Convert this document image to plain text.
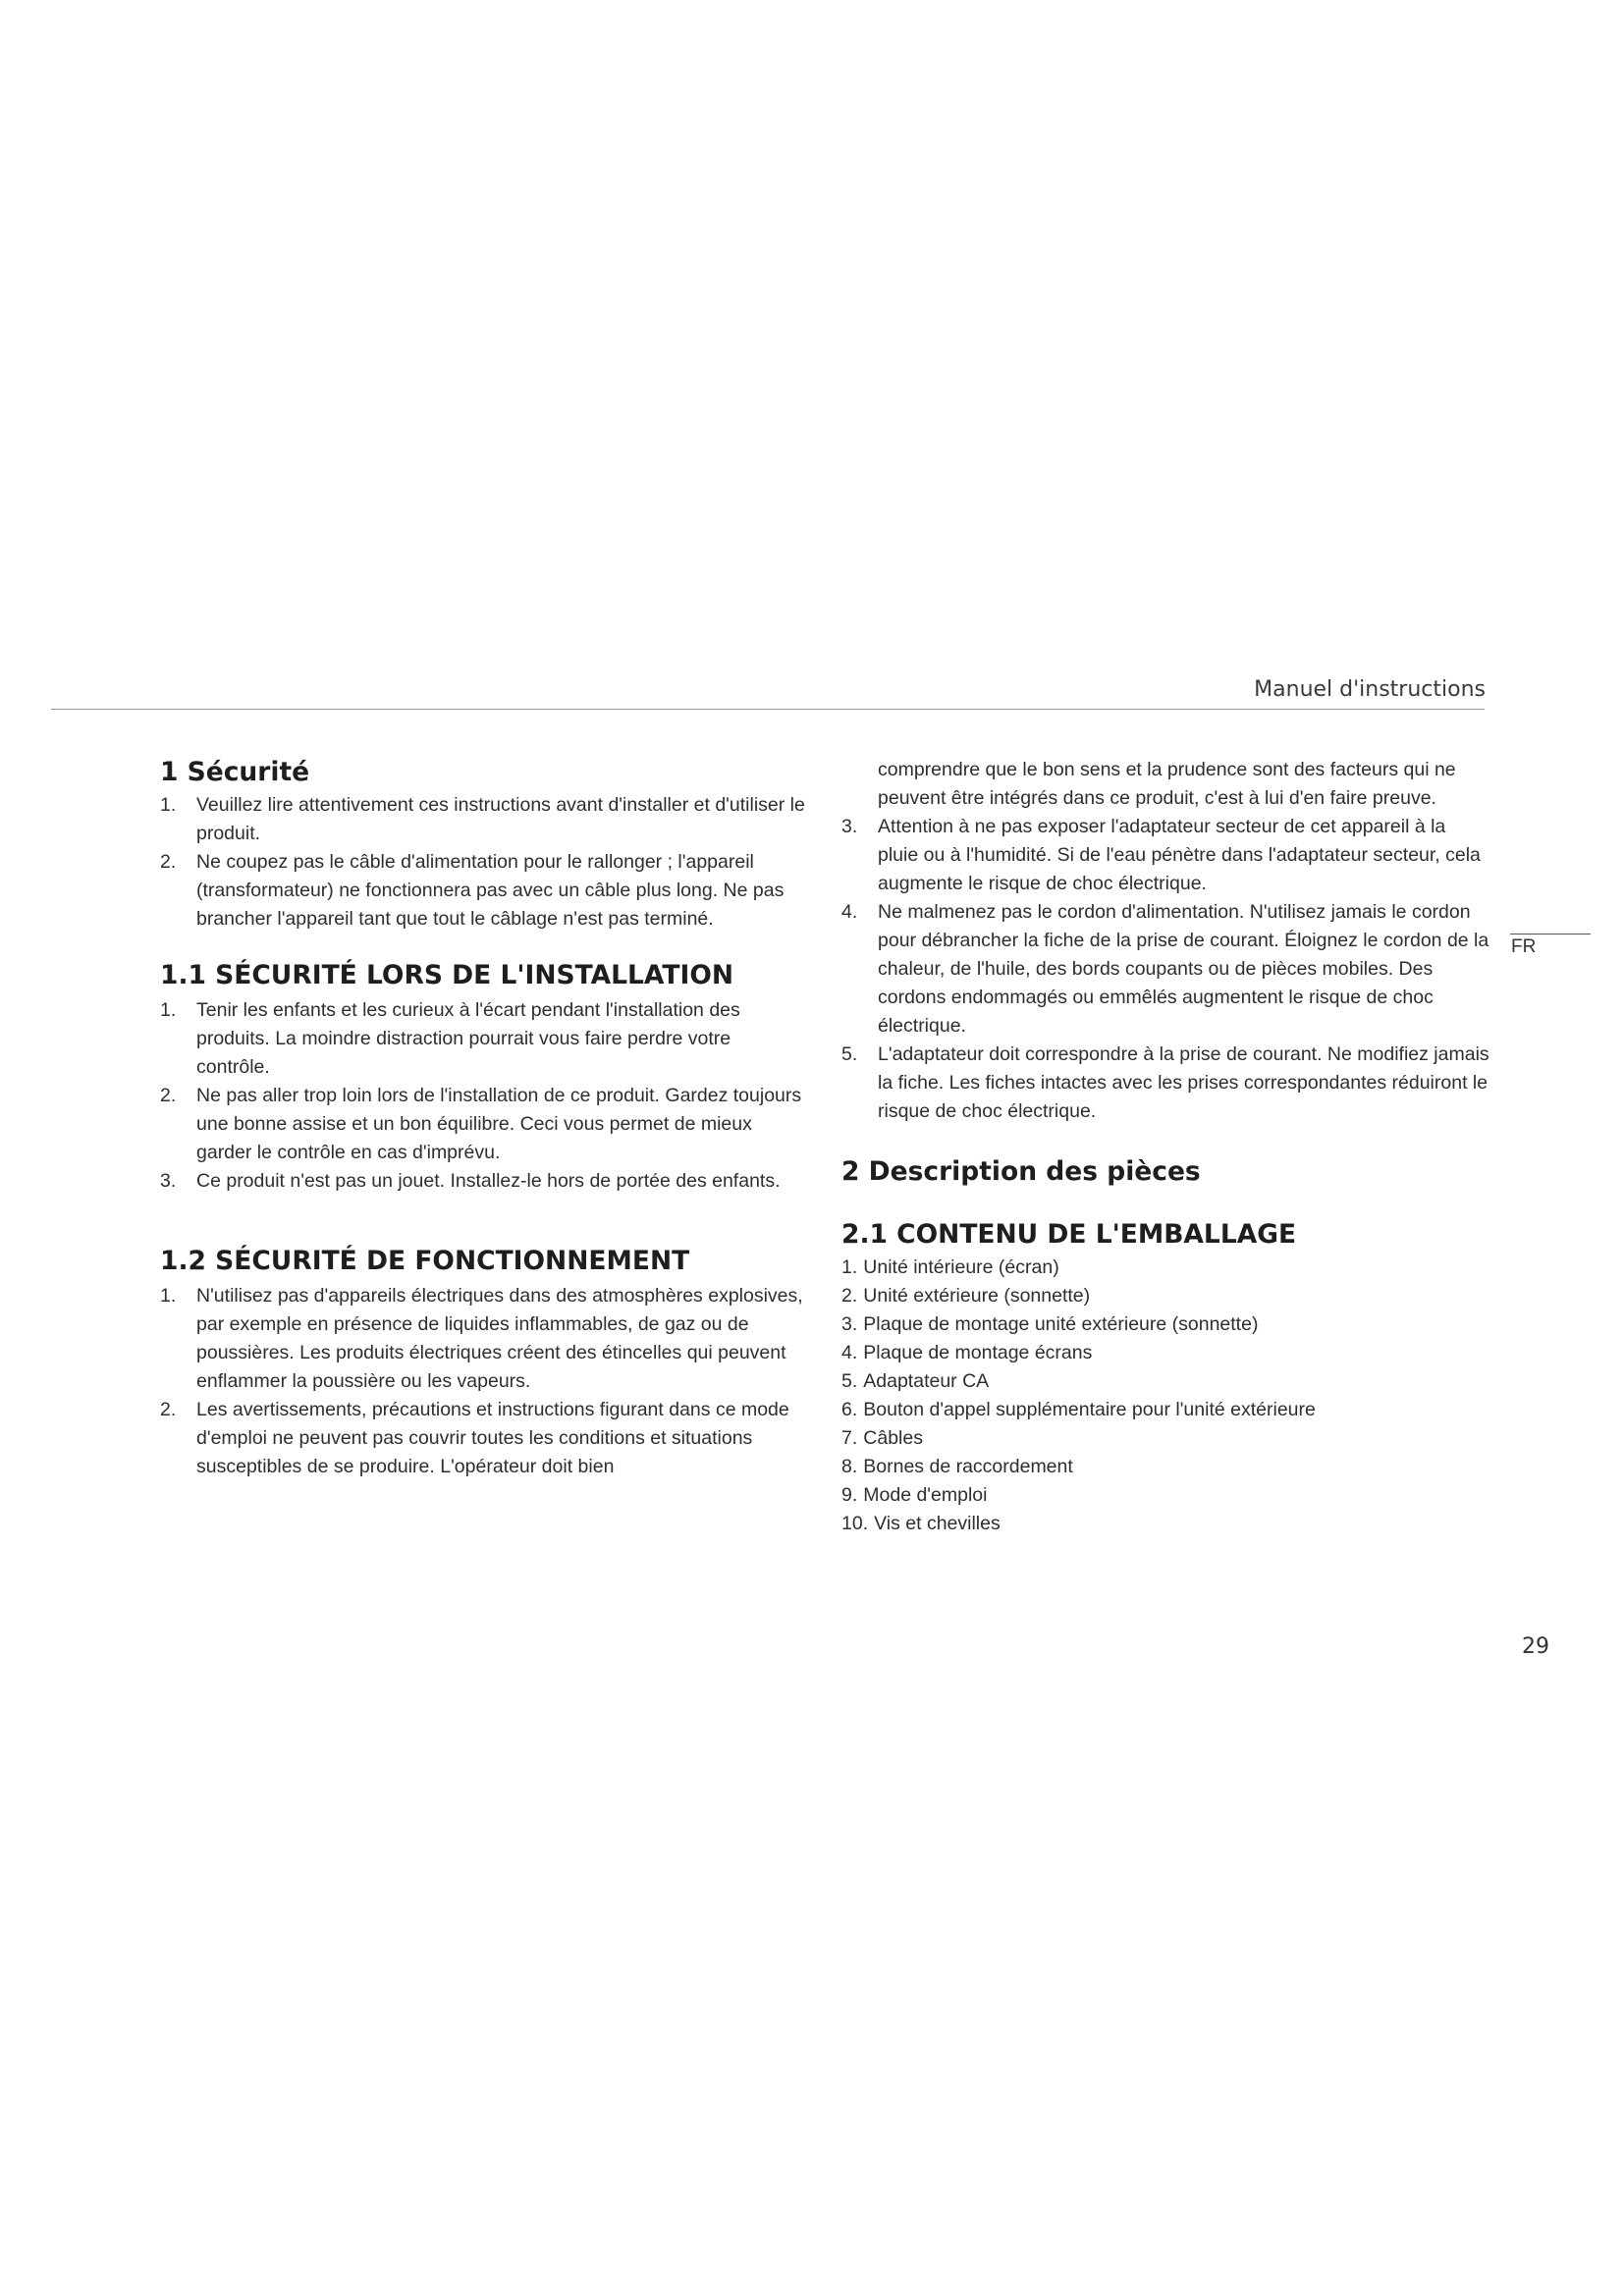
Manuel d'instructions
FR
1 Sécurité
1. Veuillez lire attentivement ces instructions avant d'installer et d'utiliser le produit.
2. Ne coupez pas le câble d'alimentation pour le rallonger ; l'appareil (transformateur) ne fonctionnera pas avec un câble plus long. Ne pas brancher l'appareil tant que tout le câblage n'est pas terminé.
1.1 SÉCURITÉ LORS DE L'INSTALLATION
1. Tenir les enfants et les curieux à l'écart pendant l'installation des produits. La moindre distraction pourrait vous faire perdre votre contrôle.
2. Ne pas aller trop loin lors de l'installation de ce produit. Gardez toujours une bonne assise et un bon équilibre. Ceci vous permet de mieux garder le contrôle en cas d'imprévu.
3. Ce produit n'est pas un jouet. Installez-le hors de portée des enfants.
1.2 SÉCURITÉ DE FONCTIONNEMENT
1. N'utilisez pas d'appareils électriques dans des atmosphères explosives, par exemple en présence de liquides inflammables, de gaz ou de poussières. Les produits électriques créent des étincelles qui peuvent enflammer la poussière ou les vapeurs.
2. Les avertissements, précautions et instructions figurant dans ce mode d'emploi ne peuvent pas couvrir toutes les conditions et situations susceptibles de se produire. L'opérateur doit bien

comprendre que le bon sens et la prudence sont des facteurs qui ne peuvent être intégrés dans ce produit, c'est à lui d'en faire preuve.

3. Attention à ne pas exposer l'adaptateur secteur de cet appareil à la pluie ou à l'humidité. Si de l'eau pénètre dans l'adaptateur secteur, cela augmente le risque de choc électrique.
4. Ne malmenez pas le cordon d'alimentation. N'utilisez jamais le cordon pour débrancher la fiche de la prise de courant. Éloignez le cordon de la chaleur, de l'huile, des bords coupants ou de pièces mobiles. Des cordons endommagés ou emmêlés augmentent le risque de choc électrique.
5. L'adaptateur doit correspondre à la prise de courant. Ne modifiez jamais la fiche. Les fiches intactes avec les prises correspondantes réduiront le risque de choc électrique.
2 Description des pièces
2.1 CONTENU DE L'EMBALLAGE
1. Unité intérieure (écran)
2. Unité extérieure (sonnette)
3. Plaque de montage unité extérieure (sonnette)
4. Plaque de montage écrans
5. Adaptateur CA
6. Bouton d'appel supplémentaire pour l'unité extérieure
7. Câbles
8. Bornes de raccordement
9. Mode d'emploi
10. Vis et chevilles
29
